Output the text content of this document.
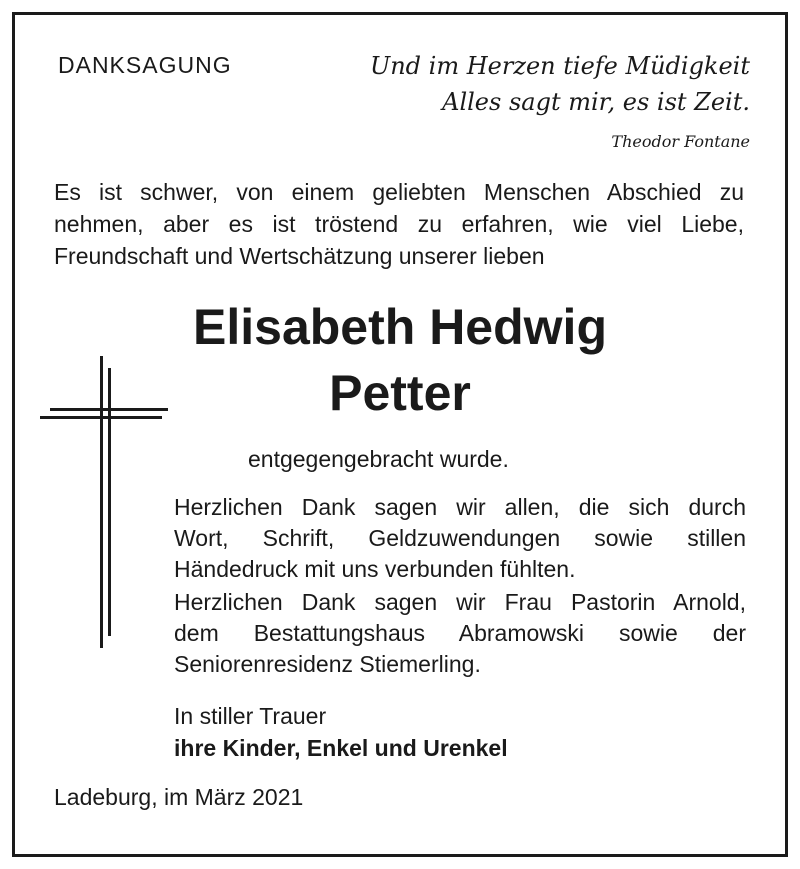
DANKSAGUNG	Und im Herzen tiefe Müdigkeit
Alles sagt mir, es ist Zeit.
Theodor Fontane
Es ist schwer, von einem geliebten Menschen Abschied zu
nehmen, aber es ist tröstend zu erfahren, wie viel Liebe,
Freundschaft und Wertschätzung unserer lieben
Elisabeth Hedwig
Petter
entgegengebracht wurde.
Herzlichen Dank sagen wir allen, die sich durch
Wort, Schrift, Geldzuwendungen sowie stillen
Händedruck mit uns verbunden fühlten.
Herzlichen Dank sagen wir Frau Pastorin Arnold,
dem Bestattungshaus Abramowski sowie der
Seniorenresidenz Stiemerling.
In stiller Trauer
ihre Kinder, Enkel und Urenkel
Ladeburg, im März 2021
